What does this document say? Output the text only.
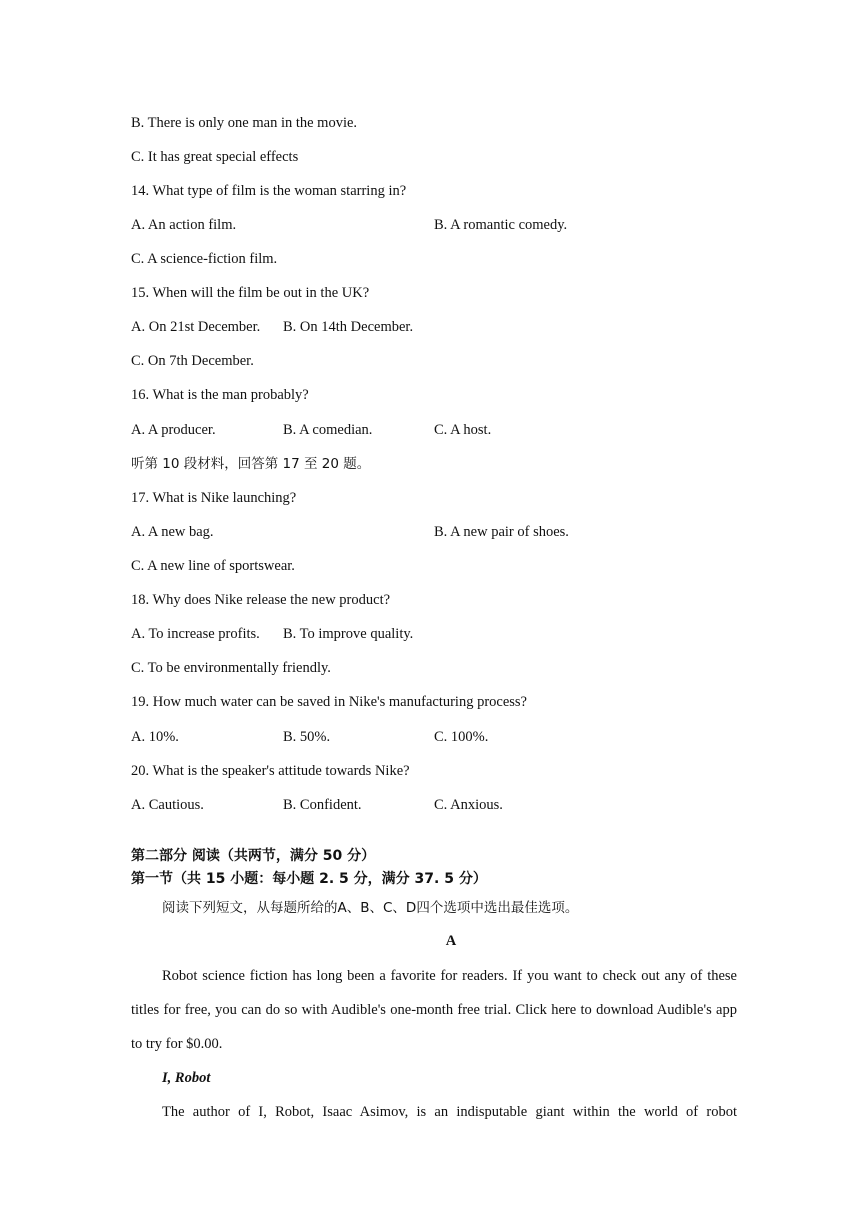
B. There is only one man in the movie.
C. It has great special effects
14. What type of film is the woman starring in?
A. An action film.	B. A romantic comedy.
C. A science-fiction film.
15. When will the film be out in the UK?
A. On 21st December. B. On 14th December.
C. On 7th December.
16. What is the man probably?
A. A producer.	B. A comedian.	C. A host.
听第 10 段材料，回答第 17 至 20 题。
17. What is Nike launching?
A. A new bag.	B. A new pair of shoes.
C. A new line of sportswear.
18. Why does Nike release the new product?
A. To increase profits. B. To improve quality.
C. To be environmentally friendly.
19. How much water can be saved in Nike's manufacturing process?
A. 10%.	B. 50%.	C. 100%.
20. What is the speaker's attitude towards Nike?
A. Cautious.	B. Confident.	C. Anxious.
第二部分 阅读（共两节，满分 50 分）
第一节（共 15 小题：每小题 2. 5 分，满分 37. 5 分）
阅读下列短文，从每题所给的A、B、C、D四个选项中选出最佳选项。
A
Robot science fiction has long been a favorite for readers. If you want to check out any of these titles for free, you can do so with Audible's one-month free trial. Click here to download Audible's app to try for $0.00.
I, Robot
The author of I, Robot, Isaac Asimov, is an indisputable giant within the world of robot
